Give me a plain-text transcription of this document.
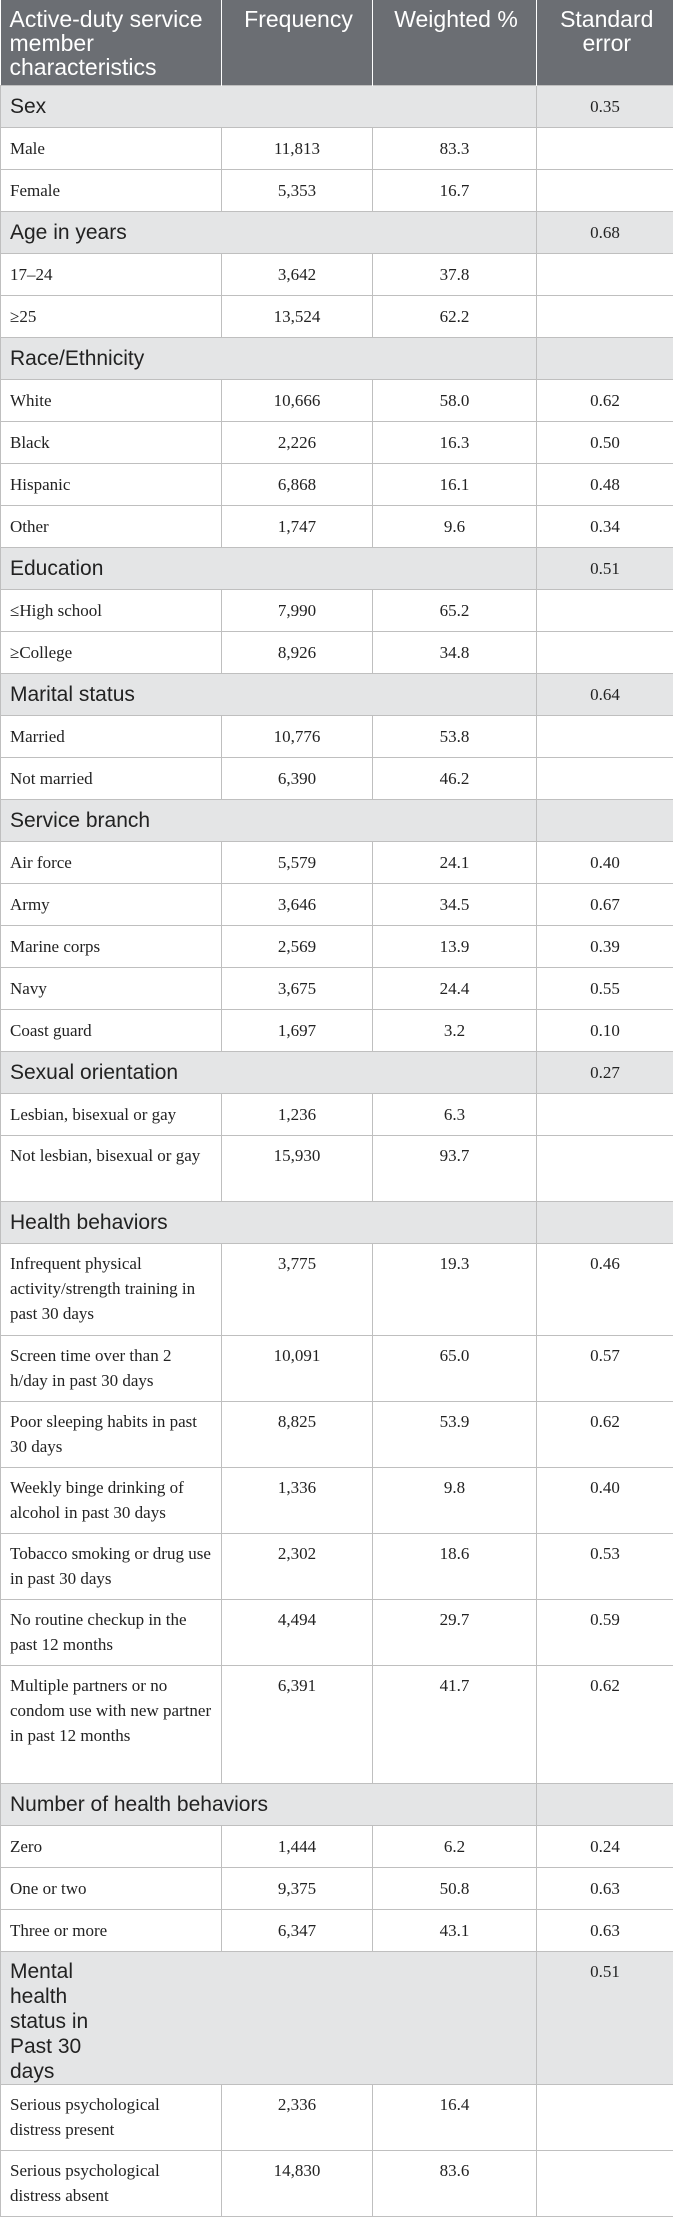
Active-duty service member characteristics	Frequency	Weighted %	Standard error
Sex			0.35
Male	11,813	83.3	
Female	5,353	16.7	
Age in years			0.68
17–24	3,642	37.8	
≥25	13,524	62.2	
Race/Ethnicity			
White	10,666	58.0	0.62
Black	2,226	16.3	0.50
Hispanic	6,868	16.1	0.48
Other	1,747	9.6	0.34
Education			0.51
≤High school	7,990	65.2	
≥College	8,926	34.8	
Marital status			0.64
Married	10,776	53.8	
Not married	6,390	46.2	
Service branch			
Air force	5,579	24.1	0.40
Army	3,646	34.5	0.67
Marine corps	2,569	13.9	0.39
Navy	3,675	24.4	0.55
Coast guard	1,697	3.2	0.10
Sexual orientation			0.27
Lesbian, bisexual or gay	1,236	6.3	
Not lesbian, bisexual or gay	15,930	93.7	
Health behaviors			
Infrequent physical activity/strength training in past 30 days	3,775	19.3	0.46
Screen time over than 2 h/day in past 30 days	10,091	65.0	0.57
Poor sleeping habits in past 30 days	8,825	53.9	0.62
Weekly binge drinking of alcohol in past 30 days	1,336	9.8	0.40
Tobacco smoking or drug use in past 30 days	2,302	18.6	0.53
No routine checkup in the past 12 months	4,494	29.7	0.59
Multiple partners or no condom use with new partner in past 12 months	6,391	41.7	0.62
Number of health behaviors			
Zero	1,444	6.2	0.24
One or two	9,375	50.8	0.63
Three or more	6,347	43.1	0.63
Mental health status in Past 30 days			0.51
Serious psychological distress present	2,336	16.4	
Serious psychological distress absent	14,830	83.6	
